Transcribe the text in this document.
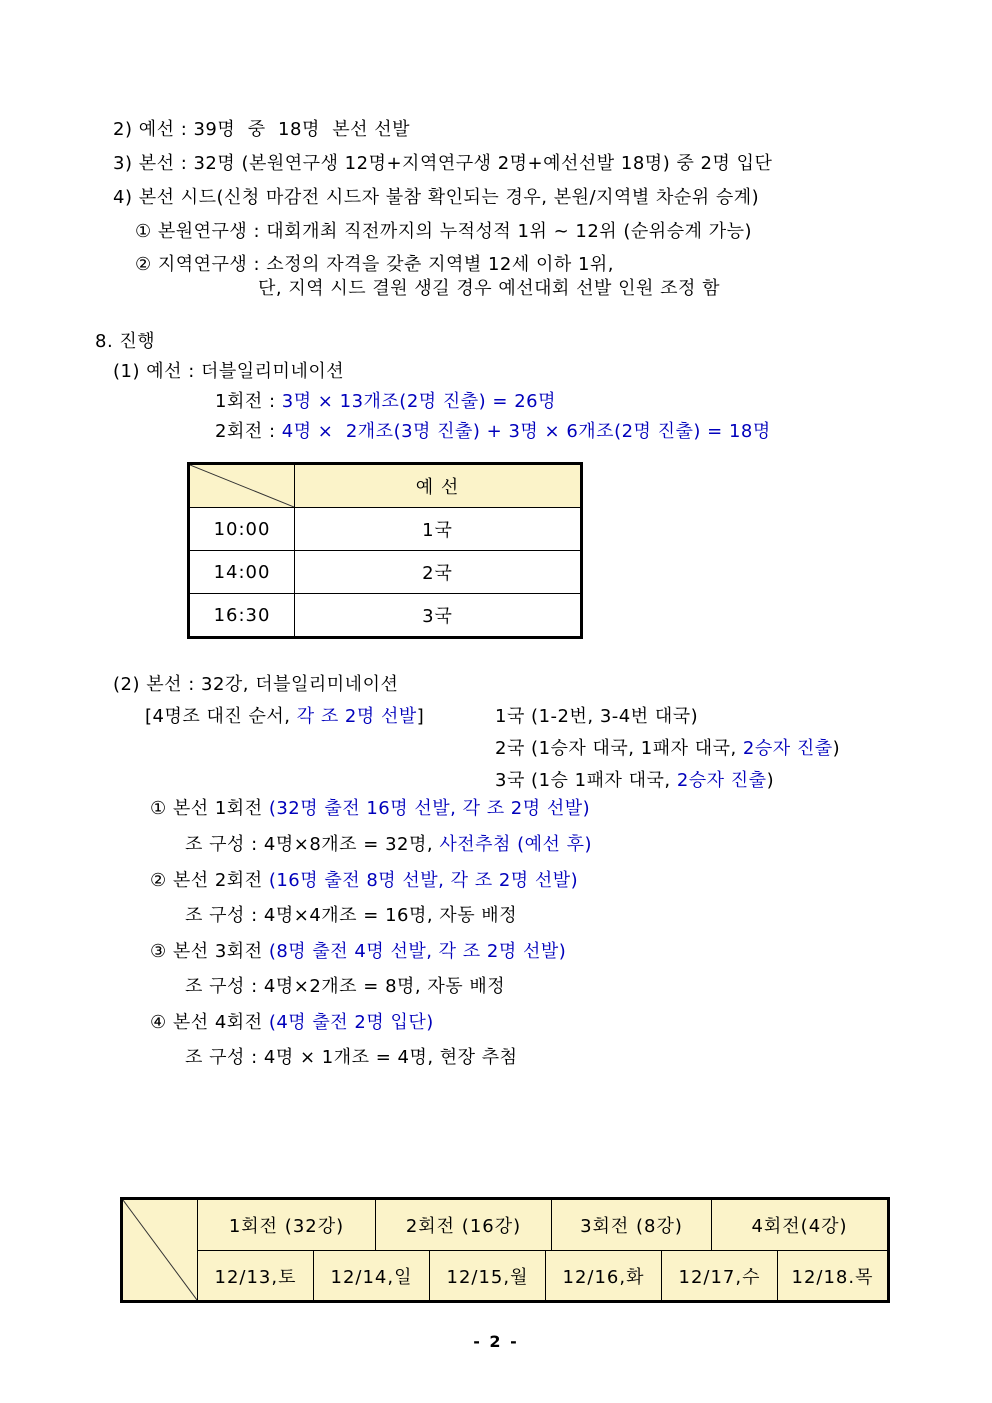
2) 예선 : 39명  중  18명  본선 선발
3) 본선 : 32명 (본원연구생 12명+지역연구생 2명+예선선발 18명) 중 2명 입단
4) 본선 시드(신청 마감전 시드자 불참 확인되는 경우, 본원/지역별 차순위 승계)
① 본원연구생 : 대회개최 직전까지의 누적성적 1위 ~ 12위 (순위승계 가능)
② 지역연구생 : 소정의 자격을 갖춘 지역별 12세 이하 1위,
단, 지역 시드 결원 생길 경우 예선대회 선발 인원 조정 함
8. 진행
(1) 예선 : 더블일리미네이션
1회전 : 3명 × 13개조(2명 진출) = 26명
2회전 : 4명 ×  2개조(3명 진출) + 3명 × 6개조(2명 진출) = 18명
	예 선
10:00	1국
14:00	2국
16:30	3국
(2) 본선 : 32강, 더블일리미네이션
[4명조 대진 순서, 각 조 2명 선발]	1국 (1-2번, 3-4번 대국)
2국 (1승자 대국, 1패자 대국, 2승자 진출)
3국 (1승 1패자 대국, 2승자 진출)
① 본선 1회전 (32명 출전 16명 선발, 각 조 2명 선발)
조 구성 : 4명×8개조 = 32명, 사전추첨 (예선 후)
② 본선 2회전 (16명 출전 8명 선발, 각 조 2명 선발)
조 구성 : 4명×4개조 = 16명, 자동 배정
③ 본선 3회전 (8명 출전 4명 선발, 각 조 2명 선발)
조 구성 : 4명×2개조 = 8명, 자동 배정
④ 본선 4회전 (4명 출전 2명 입단)
조 구성 : 4명 × 1개조 = 4명, 현장 추첨
1회전 (32강)	2회전 (16강)	3회전 (8강)	4회전(4강)
12/13,토	12/14,일	12/15,월	12/16,화	12/17,수	12/18.목
- 2 -
